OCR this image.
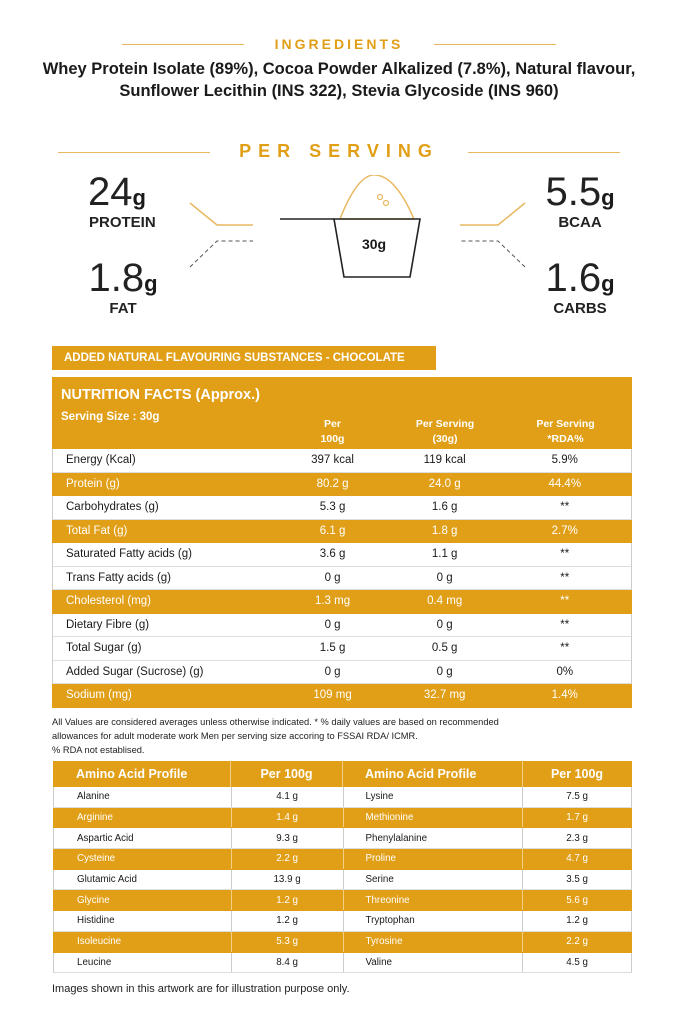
INGREDIENTS
Whey Protein Isolate (89%), Cocoa Powder Alkalized (7.8%), Natural flavour,
Sunflower Lecithin (INS 322), Stevia Glycoside (INS 960)
PER SERVING
24g
PROTEIN
1.8g
FAT
5.5g
BCAA
1.6g
CARBS
30g
ADDED NATURAL FLAVOURING SUBSTANCES - CHOCOLATE
NUTRITION FACTS (Approx.)
Serving Size : 30g
Per
100g
Per Serving
(30g)
Per Serving
*RDA%
Energy (Kcal)	397 kcal	119 kcal	5.9%
Protein (g)	80.2 g	24.0 g	44.4%
Carbohydrates (g)	5.3 g	1.6 g	**
Total Fat (g)	6.1 g	1.8 g	2.7%
Saturated Fatty acids (g)	3.6 g	1.1 g	**
Trans Fatty acids (g)	0 g	0 g	**
Cholesterol (mg)	1.3 mg	0.4 mg	**
Dietary Fibre (g)	0 g	0 g	**
Total Sugar (g)	1.5 g	0.5 g	**
Added Sugar (Sucrose) (g)	0 g	0 g	0%
Sodium (mg)	109 mg	32.7 mg	1.4%
All Values are considered averages unless otherwise indicated. * % daily values are based on recommended
allowances for adult moderate work Men per serving size accoring to FSSAI RDA/ ICMR.
% RDA not establised.
Amino Acid Profile	Per 100g	Amino Acid Profile	Per 100g
Alanine	4.1 g	Lysine	7.5 g
Arginine	1.4 g	Methionine	1.7 g
Aspartic Acid	9.3 g	Phenylalanine	2.3 g
Cysteine	2.2 g	Proline	4.7 g
Glutamic Acid	13.9 g	Serine	3.5 g
Glycine	1.2 g	Threonine	5.6 g
Histidine	1.2 g	Tryptophan	1.2 g
Isoleucine	5.3 g	Tyrosine	2.2 g
Leucine	8.4 g	Valine	4.5 g
Images shown in this artwork are for illustration purpose only.
